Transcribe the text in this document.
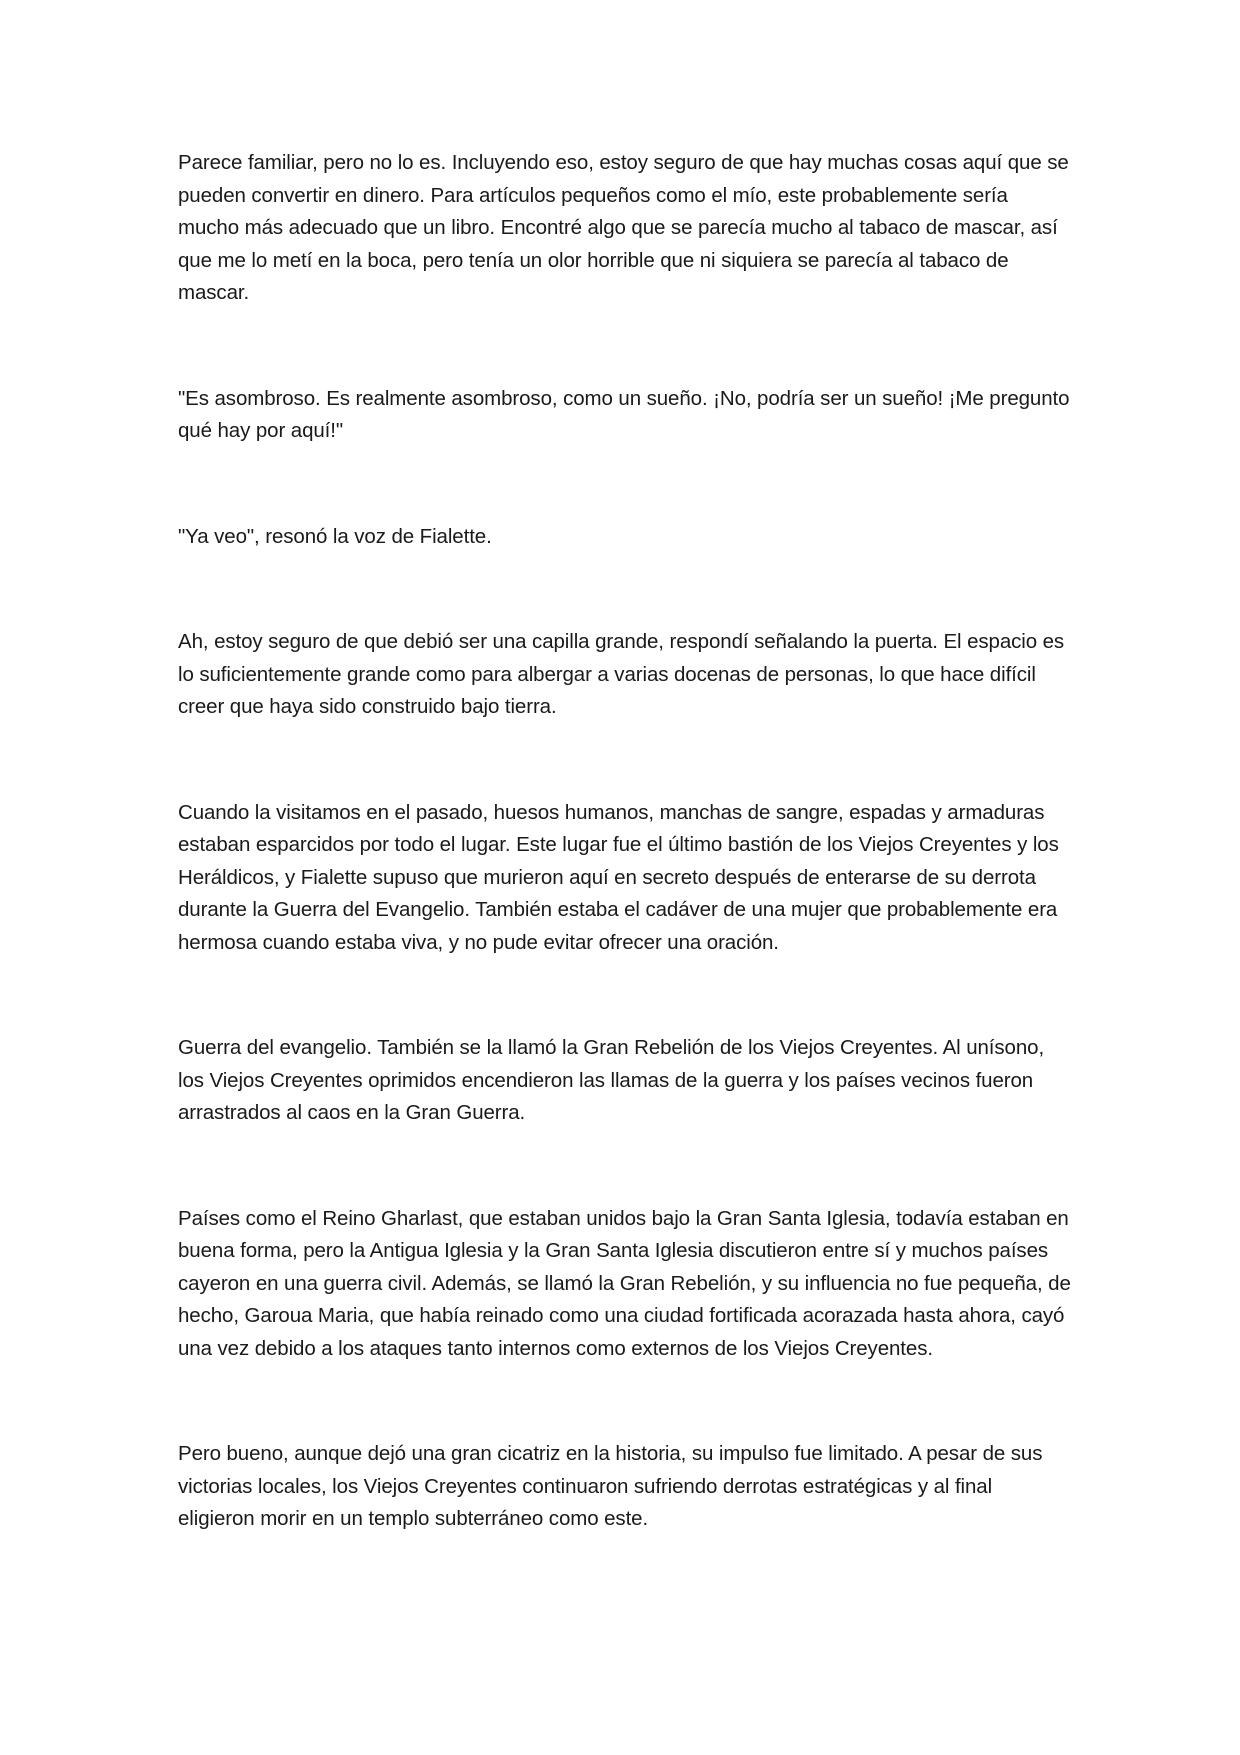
Parece familiar, pero no lo es. Incluyendo eso, estoy seguro de que hay muchas cosas aquí que se pueden convertir en dinero. Para artículos pequeños como el mío, este probablemente sería mucho más adecuado que un libro. Encontré algo que se parecía mucho al tabaco de mascar, así que me lo metí en la boca, pero tenía un olor horrible que ni siquiera se parecía al tabaco de mascar.

"Es asombroso. Es realmente asombroso, como un sueño. ¡No, podría ser un sueño! ¡Me pregunto qué hay por aquí!"

"Ya veo", resonó la voz de Fialette.

Ah, estoy seguro de que debió ser una capilla grande, respondí señalando la puerta. El espacio es lo suficientemente grande como para albergar a varias docenas de personas, lo que hace difícil creer que haya sido construido bajo tierra.

Cuando la visitamos en el pasado, huesos humanos, manchas de sangre, espadas y armaduras estaban esparcidos por todo el lugar. Este lugar fue el último bastión de los Viejos Creyentes y los Heráldicos, y Fialette supuso que murieron aquí en secreto después de enterarse de su derrota durante la Guerra del Evangelio. También estaba el cadáver de una mujer que probablemente era hermosa cuando estaba viva, y no pude evitar ofrecer una oración.

Guerra del evangelio. También se la llamó la Gran Rebelión de los Viejos Creyentes. Al unísono, los Viejos Creyentes oprimidos encendieron las llamas de la guerra y los países vecinos fueron arrastrados al caos en la Gran Guerra.

Países como el Reino Gharlast, que estaban unidos bajo la Gran Santa Iglesia, todavía estaban en buena forma, pero la Antigua Iglesia y la Gran Santa Iglesia discutieron entre sí y muchos países cayeron en una guerra civil. Además, se llamó la Gran Rebelión, y su influencia no fue pequeña, de hecho, Garoua Maria, que había reinado como una ciudad fortificada acorazada hasta ahora, cayó una vez debido a los ataques tanto internos como externos de los Viejos Creyentes.

Pero bueno, aunque dejó una gran cicatriz en la historia, su impulso fue limitado. A pesar de sus victorias locales, los Viejos Creyentes continuaron sufriendo derrotas estratégicas y al final eligieron morir en un templo subterráneo como este.
